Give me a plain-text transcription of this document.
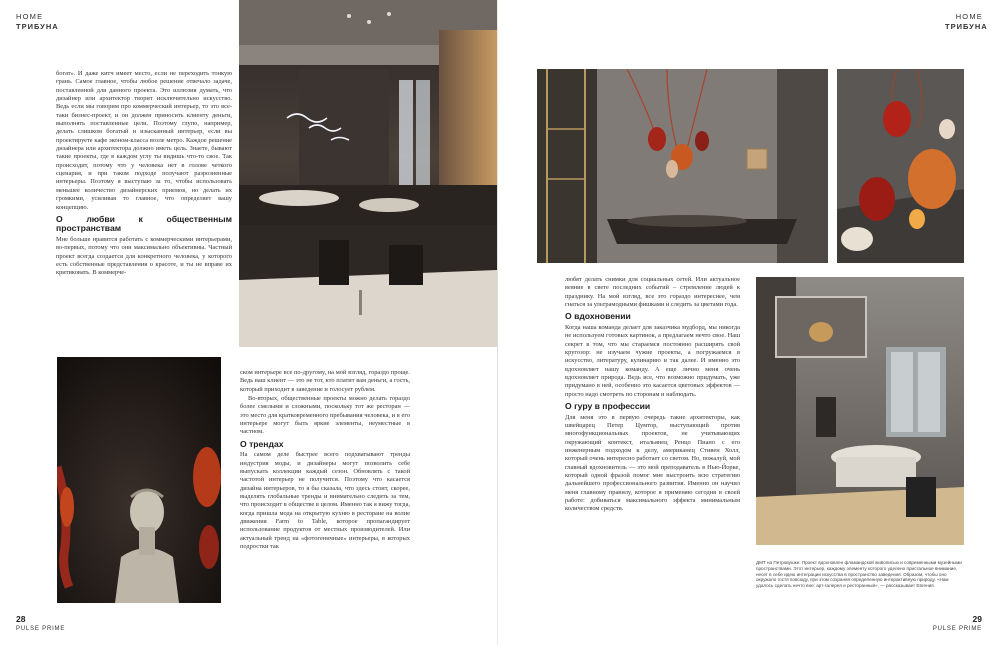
HOME
ТРИБУНА
HOME
ТРИБУНА

богат». И даже китч имеет место, если не переходить тонкую грань. Самое главное, чтобы любое решение отвечало задаче, поставленной для данного проекта. Это иллюзия думать, что дизайнер или архитектор творит исключительно искусство. Ведь если мы говорим про коммерческий интерьер, то это все-таки бизнес-проект, и он должен приносить клиенту деньги, выполнять поставленные цели. Поэтому глупо, например, делать слишком богатый и изысканный интерьер, если вы проектируете кафе эконом-класса возле метро. Каждое решение дизайнера или архитектора должно иметь цель. Знаете, бывают такие проекты, где в каждом углу ты видишь что-то свое. Так происходит, потому что у человека нет в голове четкого сценария, и при таком подходе получают разрозненные интерьеры. Поэтому я выступаю за то, чтобы использовать меньшее количество дизайнерских приемов, но делать их громкими, усиливая то главное, что определяет вашу концепцию.

О любви к общественным пространствам

Мне больше нравится работать с коммерческими интерьерами, во-первых, потому что они максимально объективны. Частный проект всегда создается для конкретного человека, у которого есть собственные представления о красоте, и ты не вправе их критиковать. В коммерче-

ском интерьере все по-другому, на мой взгляд, гораздо проще. Ведь ваш клиент — это не тот, кто платит вам деньги, а гость, который приходит в заведение и голосует рублем.

Во-вторых, общественные проекты можно делать гораздо более смелыми и сложными, поскольку тот же ресторан — это место для кратковременного пребывания человека, и в его интерьере могут быть яркие элементы, неуместные в частном.

О трендах

На самом деле быстрее всего подхватывают тренды индустрия моды, и дизайнеры могут позволить себе выпускать коллекции каждый сезон. Обновлять с такой частотой интерьер не получится. Поэтому что касается дизайна интерьеров, то я бы сказала, что здесь стоит, скорее, выделять глобальные тренды и внимательно следить за тем, что происходит в обществе в целом. Именно так я вижу тогда, когда пришла мода на открытую кухню в ресторане на волне движения Farm to Table, которое пропагандирует использование продуктов от местных производителей. Или актуальный тренд на «фотогеничные» интерьеры, в которых подростки так

28
PULSE PRIME

любят делать снимки для социальных сетей. Или актуальное веяние в свете последних событий – стремление людей к празднику. На мой взгляд, все это гораздо интереснее, чем гнаться за ультрамодными фишками и следить за цветами года.

О вдохновении

Когда наша команда делает для заказчика мудборд, мы никогда не используем готовых картинок, а предлагаем нечто свое. Наш секрет в том, что мы стараемся постоянно расширять свой кругозор: не изучаем чужие проекты, а погружаемся в искусство, литературу, кулинарию и так далее. И именно это вдохновляет нашу команду. А еще лично меня очень вдохновляет природа. Ведь все, что возможно придумать, уже придумано в ней, особенно это касается цветовых эффектов — просто надо смотреть по сторонам и наблюдать.

О гуру в профессии

Для меня это в первую очередь такие архитекторы, как швейцарец Петер Цумтор, выступающий против многофункциональных проектов, не учитывающих окружающий контекст, итальянец Ренцо Пиано с его инженерным подходом к делу, американец Стивен Холл, который очень интересно работает со светом. Но, пожалуй, мой главный вдохновитель — это мой преподаватель в Нью-Йорке, который одной фразой помог мне выстроить всю стратегию дальнейшего профессионального развития. Именно он научил меня главному правилу, которое я применяю сегодня в своей работе: добиваться максимального эффекта минимальным количеством средств.

ДМТ на Петровушке. Проект вдохновлен фламандской живописью и современными музейными пространствами. Этот интерьер, каждому элементу которого уделено пристальное внимание, несет в себе идею интеграции искусства в пространство заведения. Образом, чтобы оно окружало гостя повсюду, при этом сохраняя определенную интерактивную природу. «Нам удалось сделать нечто вне: арт-галерея и ресторанный», — рассказывает Евгения.
29
PULSE PRIME
